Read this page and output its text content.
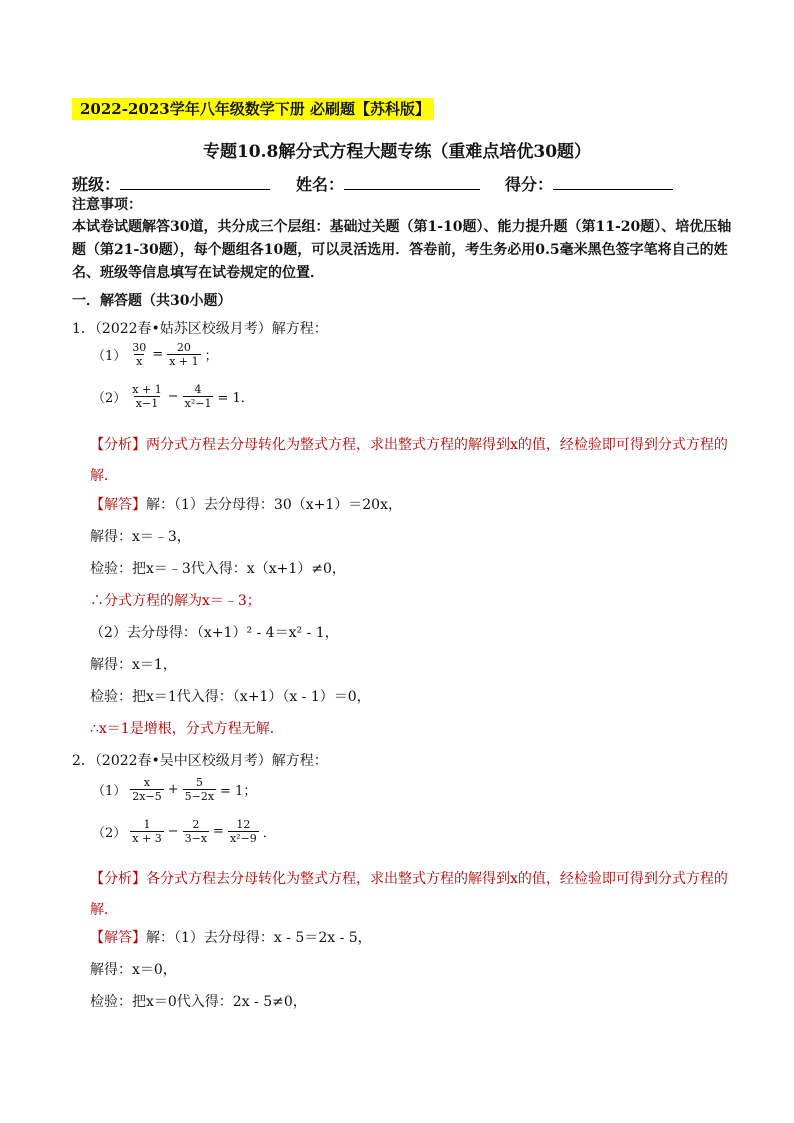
2022-2023学年八年级数学下册 必刷题【苏科版】
专题10.8解分式方程大题专练（重难点培优30题）
班级：	姓名：	得分：
注意事项：
本试卷试题解答30道，共分成三个层组：基础过关题（第1-10题）、能力提升题（第11-20题）、培优压轴题（第21-30题），每个题组各10题，可以灵活选用．答卷前，考生务必用0.5毫米黑色签字笔将自己的姓名、班级等信息填写在试卷规定的位置．
一．解答题（共30小题）
1．（2022春•姑苏区校级月考）解方程：
$(1) \frac{30}{x} = \frac{20}{x + 1}$ ；
$(2) \frac{x + 1}{x-1} - \frac{4}{\text{x²−1}} = 1$．
【分析】两分式方程去分母转化为整式方程，求出整式方程的解得到x的值，经检验即可得到分式方程的解．
【解答】解：（1）去分母得：30（x+1）＝20x，
解得：x＝﹣3，
检验：把x＝﹣3代入得：x（x+1）≠0，
∴分式方程的解为x＝﹣3；
（2）去分母得：（x+1）² - 4＝x² - 1，
解得：x＝1，
检验：把x＝1代入得：（x+1）（x - 1）＝0，
∴x＝1是增根，分式方程无解．
2．（2022春•吴中区校级月考）解方程：
$(1) \frac{x}{2x-5} + \frac{5}{5-2x} = 1$；
$(2) \frac{1}{x + 3} - \frac{2}{3-x} = \frac{12}{\text{x²−9}}$ ．
【分析】各分式方程去分母转化为整式方程，求出整式方程的解得到x的值，经检验即可得到分式方程的解．
【解答】解：（1）去分母得：x - 5＝2x - 5，
解得：x＝0，
检验：把x＝0代入得：2x - 5≠0，
